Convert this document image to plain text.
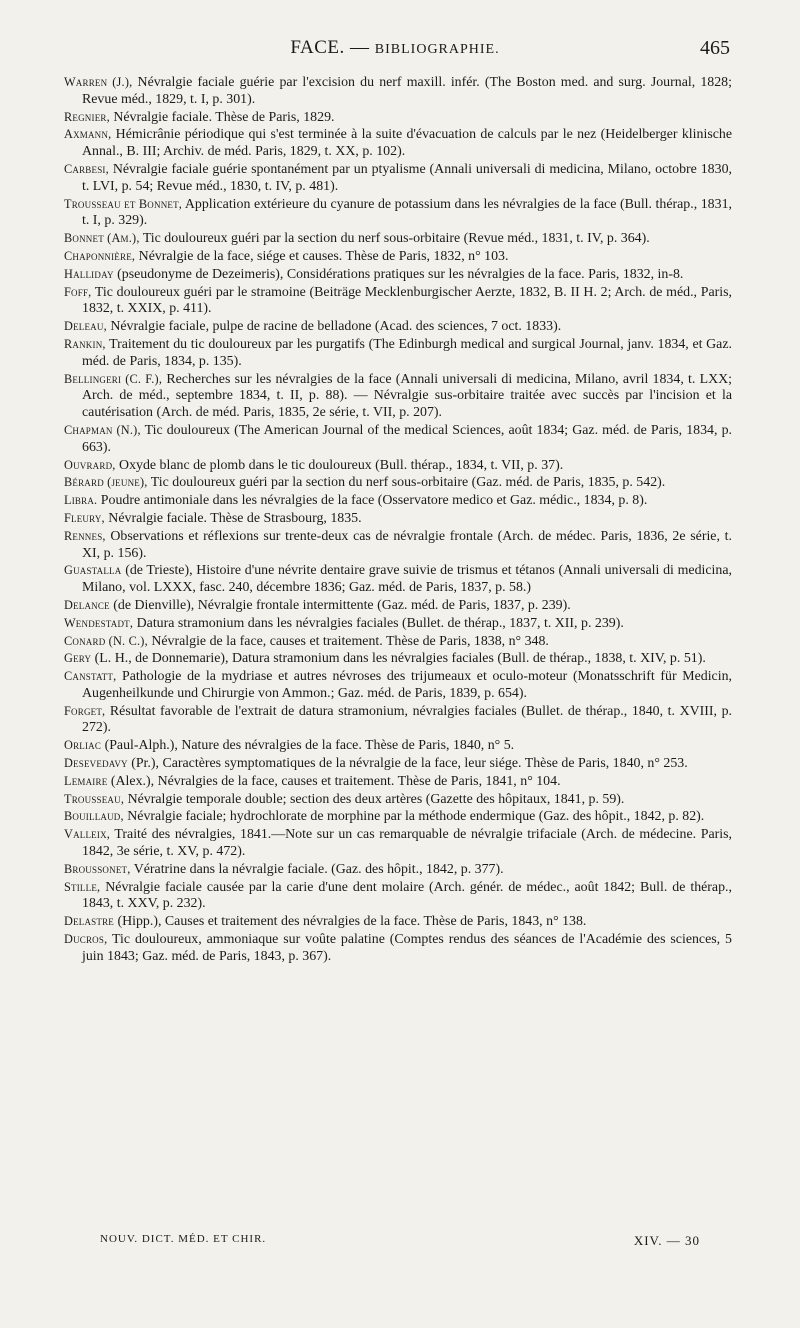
FACE. — BIBLIOGRAPHIE.	465

Warren (J.), Névralgie faciale guérie par l'excision du nerf maxill. infér. (The Boston med. and surg. Journal, 1828; Revue méd., 1829, t. I, p. 301).

Regnier, Névralgie faciale. Thèse de Paris, 1829.

Axmann, Hémicrânie périodique qui s'est terminée à la suite d'évacuation de calculs par le nez (Heidelberger klinische Annal., B. III; Archiv. de méd. Paris, 1829, t. XX, p. 102).

Carbesi, Névralgie faciale guérie spontanément par un ptyalisme (Annali universali di medicina, Milano, octobre 1830, t. LVI, p. 54; Revue méd., 1830, t. IV, p. 481).

Trousseau et Bonnet, Application extérieure du cyanure de potassium dans les névralgies de la face (Bull. thérap., 1831, t. I, p. 329).

Bonnet (Am.), Tic douloureux guéri par la section du nerf sous-orbitaire (Revue méd., 1831, t. IV, p. 364).

Chaponnière, Névralgie de la face, siége et causes. Thèse de Paris, 1832, n° 103.

Halliday (pseudonyme de Dezeimeris), Considérations pratiques sur les névralgies de la face. Paris, 1832, in-8.

Foff, Tic douloureux guéri par le stramoine (Beiträge Mecklenburgischer Aerzte, 1832, B. II H. 2; Arch. de méd., Paris, 1832, t. XXIX, p. 411).

Deleau, Névralgie faciale, pulpe de racine de belladone (Acad. des sciences, 7 oct. 1833).

Rankin, Traitement du tic douloureux par les purgatifs (The Edinburgh medical and surgical Journal, janv. 1834, et Gaz. méd. de Paris, 1834, p. 135).

Bellingeri (C. F.), Recherches sur les névralgies de la face (Annali universali di medicina, Milano, avril 1834, t. LXX; Arch. de méd., septembre 1834, t. II, p. 88). — Névralgie sus-orbitaire traitée avec succès par l'incision et la cautérisation (Arch. de méd. Paris, 1835, 2e série, t. VII, p. 207).

Chapman (N.), Tic douloureux (The American Journal of the medical Sciences, août 1834; Gaz. méd. de Paris, 1834, p. 663).

Ouvrard, Oxyde blanc de plomb dans le tic douloureux (Bull. thérap., 1834, t. VII, p. 37).

Bérard (jeune), Tic douloureux guéri par la section du nerf sous-orbitaire (Gaz. méd. de Paris, 1835, p. 542).

Libra. Poudre antimoniale dans les névralgies de la face (Osservatore medico et Gaz. médic., 1834, p. 8).

Fleury, Névralgie faciale. Thèse de Strasbourg, 1835.

Rennes, Observations et réflexions sur trente-deux cas de névralgie frontale (Arch. de médec. Paris, 1836, 2e série, t. XI, p. 156).

Guastalla (de Trieste), Histoire d'une névrite dentaire grave suivie de trismus et tétanos (Annali universali di medicina, Milano, vol. LXXX, fasc. 240, décembre 1836; Gaz. méd. de Paris, 1837, p. 58.)

Delance (de Dienville), Névralgie frontale intermittente (Gaz. méd. de Paris, 1837, p. 239).

Wendestadt, Datura stramonium dans les névralgies faciales (Bullet. de thérap., 1837, t. XII, p. 239).

Conard (N. C.), Névralgie de la face, causes et traitement. Thèse de Paris, 1838, n° 348.

Gery (L. H., de Donnemarie), Datura stramonium dans les névralgies faciales (Bull. de thérap., 1838, t. XIV, p. 51).

Canstatt, Pathologie de la mydriase et autres névroses des trijumeaux et oculo-moteur (Monatsschrift für Medicin, Augenheilkunde und Chirurgie von Ammon.; Gaz. méd. de Paris, 1839, p. 654).

Forget, Résultat favorable de l'extrait de datura stramonium, névralgies faciales (Bullet. de thérap., 1840, t. XVIII, p. 272).

Orliac (Paul-Alph.), Nature des névralgies de la face. Thèse de Paris, 1840, n° 5.

Desevedavy (Pr.), Caractères symptomatiques de la névralgie de la face, leur siége. Thèse de Paris, 1840, n° 253.

Lemaire (Alex.), Névralgies de la face, causes et traitement. Thèse de Paris, 1841, n° 104.

Trousseau, Névralgie temporale double; section des deux artères (Gazette des hôpitaux, 1841, p. 59).

Bouillaud, Névralgie faciale; hydrochlorate de morphine par la méthode endermique (Gaz. des hôpit., 1842, p. 82).

Valleix, Traité des névralgies, 1841.—Note sur un cas remarquable de névralgie trifaciale (Arch. de médecine. Paris, 1842, 3e série, t. XV, p. 472).

Broussonet, Vératrine dans la névralgie faciale. (Gaz. des hôpit., 1842, p. 377).

Stille, Névralgie faciale causée par la carie d'une dent molaire (Arch. génér. de médec., août 1842; Bull. de thérap., 1843, t. XXV, p. 232).

Delastre (Hipp.), Causes et traitement des névralgies de la face. Thèse de Paris, 1843, n° 138.

Ducros, Tic douloureux, ammoniaque sur voûte palatine (Comptes rendus des séances de l'Académie des sciences, 5 juin 1843; Gaz. méd. de Paris, 1843, p. 367).

NOUV. DICT. MÉD. ET CHIR.	XIV. — 30
